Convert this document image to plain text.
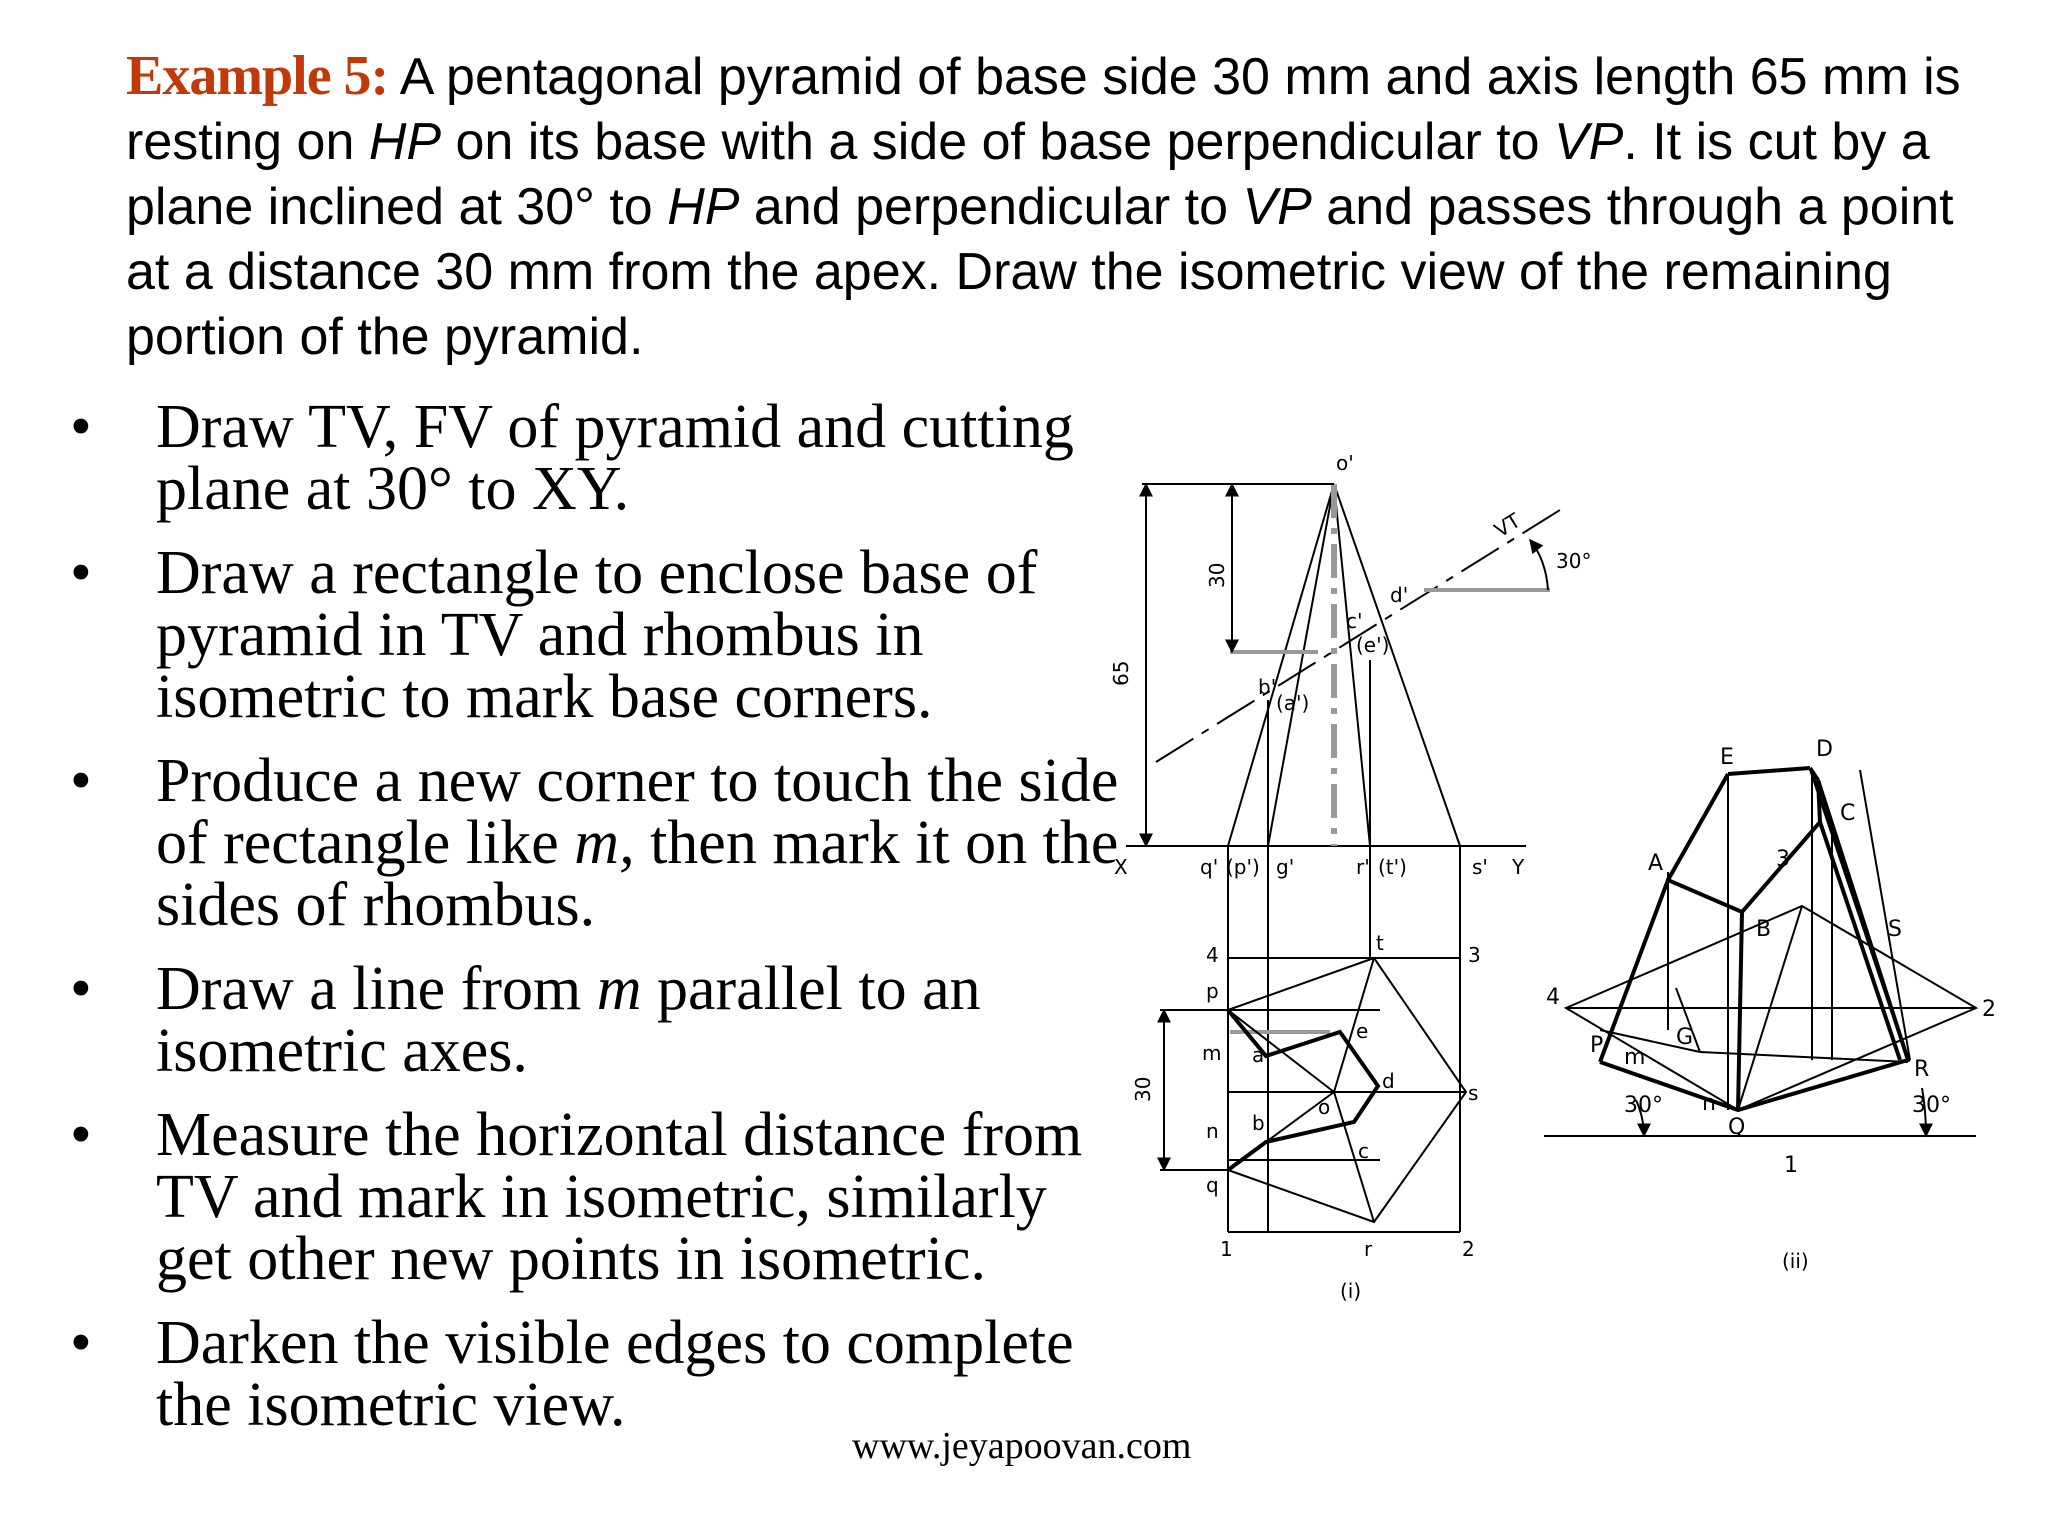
Example 5: A pentagonal pyramid of base side 30 mm and axis length 65 mm is resting on HP on its base with a side of base perpendicular to VP. It is cut by a plane inclined at 30° to HP and perpendicular to VP and passes through a point at a distance 30 mm from the apex. Draw the isometric view of the remaining portion of the pyramid.
• Draw TV, FV of pyramid and cutting plane at 30° to XY.
• Draw a rectangle to enclose base of pyramid in TV and rhombus in isometric to mark base corners.
• Produce a new corner to touch the side of rectangle like m, then mark it on the sides of rhombus.
• Draw a line from m parallel to an isometric axes.
• Measure the horizontal distance from TV and mark in isometric, similarly get other new points in isometric.
• Darken the visible edges to complete the isometric view.
o'
VT
30°
d'
c'
(e')
b'
(a')
X	Y
q' (p') g'	r' (t')	s'
65
30
4	3
p
m a
e
d
o
s
n b
c
q
1	r	2
t
30
(i)
E	D
C
A	3
B	S
4	2
G
P m
n
Q
R
30°	30°
1
(ii)
www.jeyapoovan.com
